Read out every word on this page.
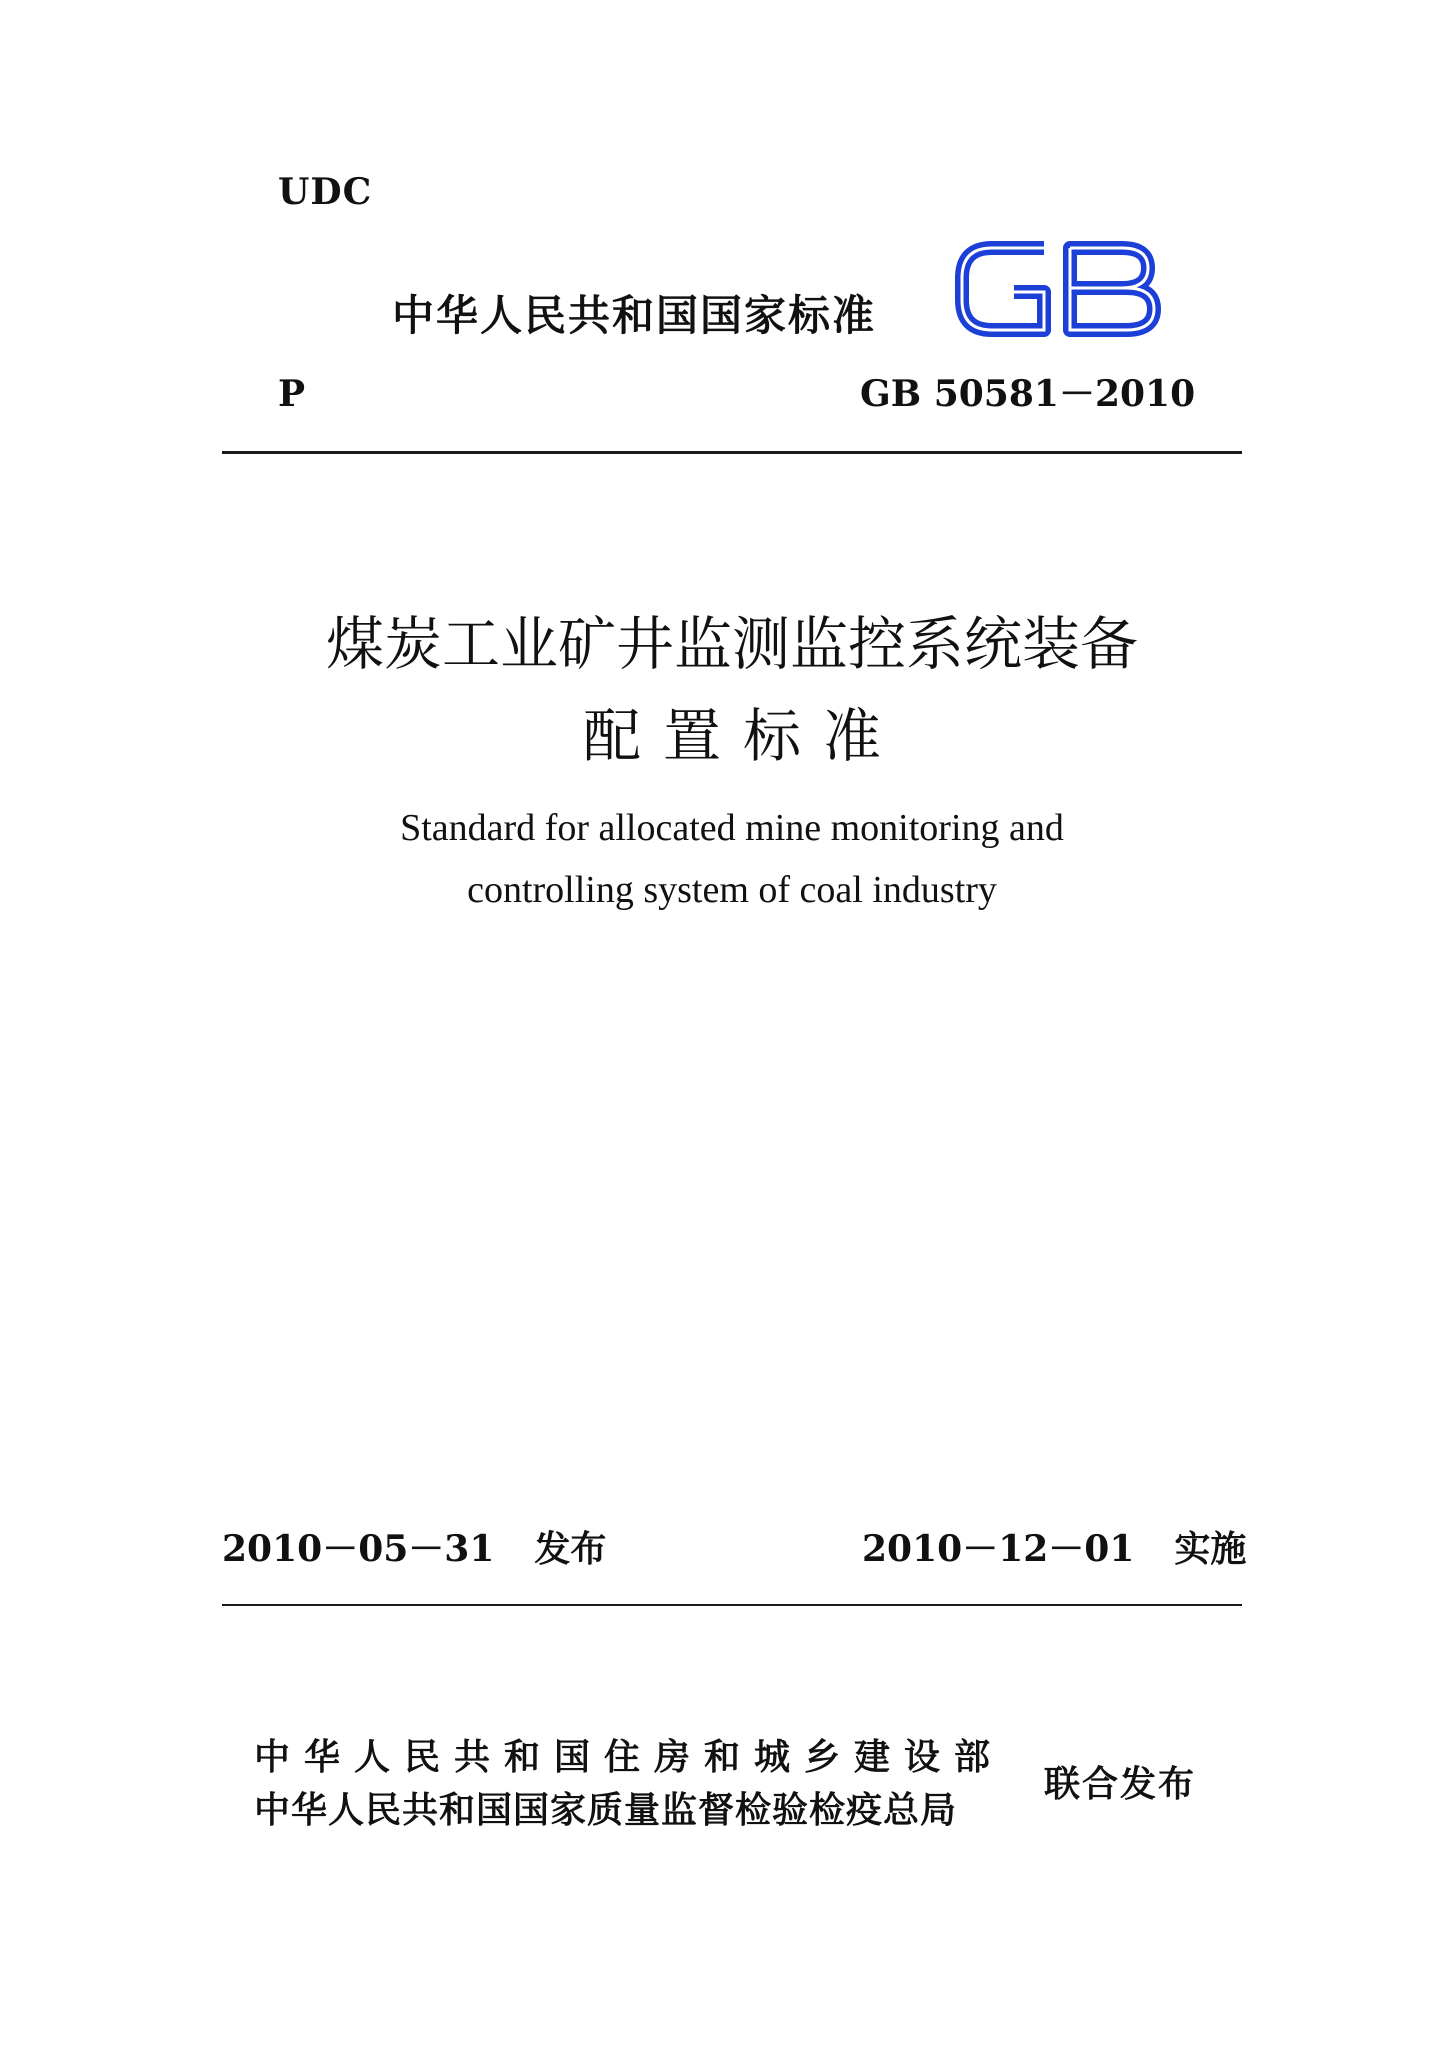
UDC
中华人民共和国国家标准
P	GB 50581－2010
煤炭工业矿井监测监控系统装备
配置标准
Standard for allocated mine monitoring and
controlling system of coal industry
2010－05－31 发布	2010－12－01 实施
中华人民共和国住房和城乡建设部
中华人民共和国国家质量监督检验检疫总局
联合发布
